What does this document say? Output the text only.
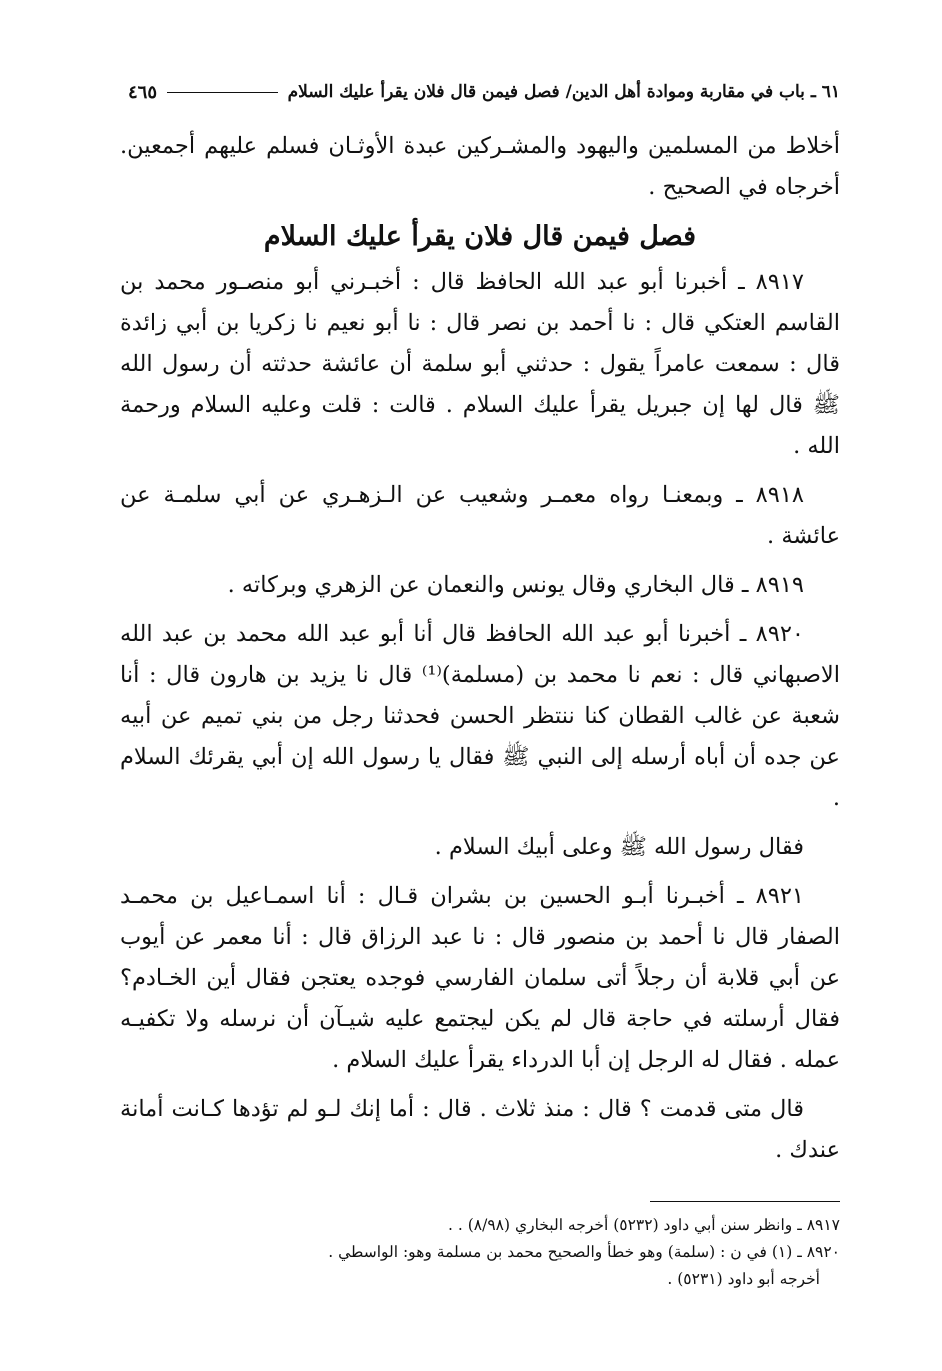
٦١ ـ باب في مقاربة وموادة أهل الدين/ فصل فيمن قال فلان يقرأ عليك السلام
٤٦٥

أخلاط من المسلمين واليهود والمشـركين عبدة الأوثـان فسلم عليهم أجمعين. أخرجاه في الصحيح .

فصل فيمن قال فلان يقرأ عليك السلام

٨٩١٧ ـ أخبرنا أبو عبد الله الحافظ قال : أخبـرني أبو منصـور محمد بن القاسم العتكي قال : نا أحمد بن نصر قال : نا أبو نعيم نا زكريا بن أبي زائدة قال : سمعت عامراً يقول : حدثني أبو سلمة أن عائشة حدثته أن رسول الله ﷺ قال لها إن جبريل يقرأ عليك السلام . قالت : قلت وعليه السلام ورحمة الله .

٨٩١٨ ـ وبمعنـا رواه معمـر وشعيب عن الـزهـري عن أبي سلمـة عن عائشة .

٨٩١٩ ـ قال البخاري وقال يونس والنعمان عن الزهري وبركاته .

٨٩٢٠ ـ أخبرنا أبو عبد الله الحافظ قال أنا أبو عبد الله محمد بن عبد الله الاصبهاني قال : نعم نا محمد بن (مسلمة)⁽¹⁾ قال نا يزيد بن هارون قال : أنا شعبة عن غالب القطان كنا ننتظر الحسن فحدثنا رجل من بني تميم عن أبيه عن جده أن أباه أرسله إلى النبي ﷺ فقال يا رسول الله إن أبي يقرئك السلام .

فقال رسول الله ﷺ وعلى أبيك السلام .

٨٩٢١ ـ أخبـرنا أبـو الحسين بن بشران قـال : أنا اسمـاعيل بن محمـد الصفار قال نا أحمد بن منصور قال : نا عبد الرزاق قال : أنا معمر عن أيوب عن أبي قلابة أن رجلاً أتى سلمان الفارسي فوجده يعتجن فقال أين الخـادم؟ فقال أرسلته في حاجة قال لم يكن ليجتمع عليه شيـآن أن نرسله ولا تكفيـه عمله . فقال له الرجل إن أبا الدرداء يقرأ عليك السلام .

قال متى قدمت ؟ قال : منذ ثلاث . قال : أما إنك لـو لم تؤدها كـانت أمانة عندك .

٨٩١٧ ـ وانظر سنن أبي داود (٥٢٣٢) أخرجه البخاري (٨/٩٨) . .

٨٩٢٠ ـ (١) في ن : (سلمة) وهو خطأ والصحيح محمد بن مسلمة وهو: الواسطي .

أخرجه أبو داود (٥٢٣١) .
